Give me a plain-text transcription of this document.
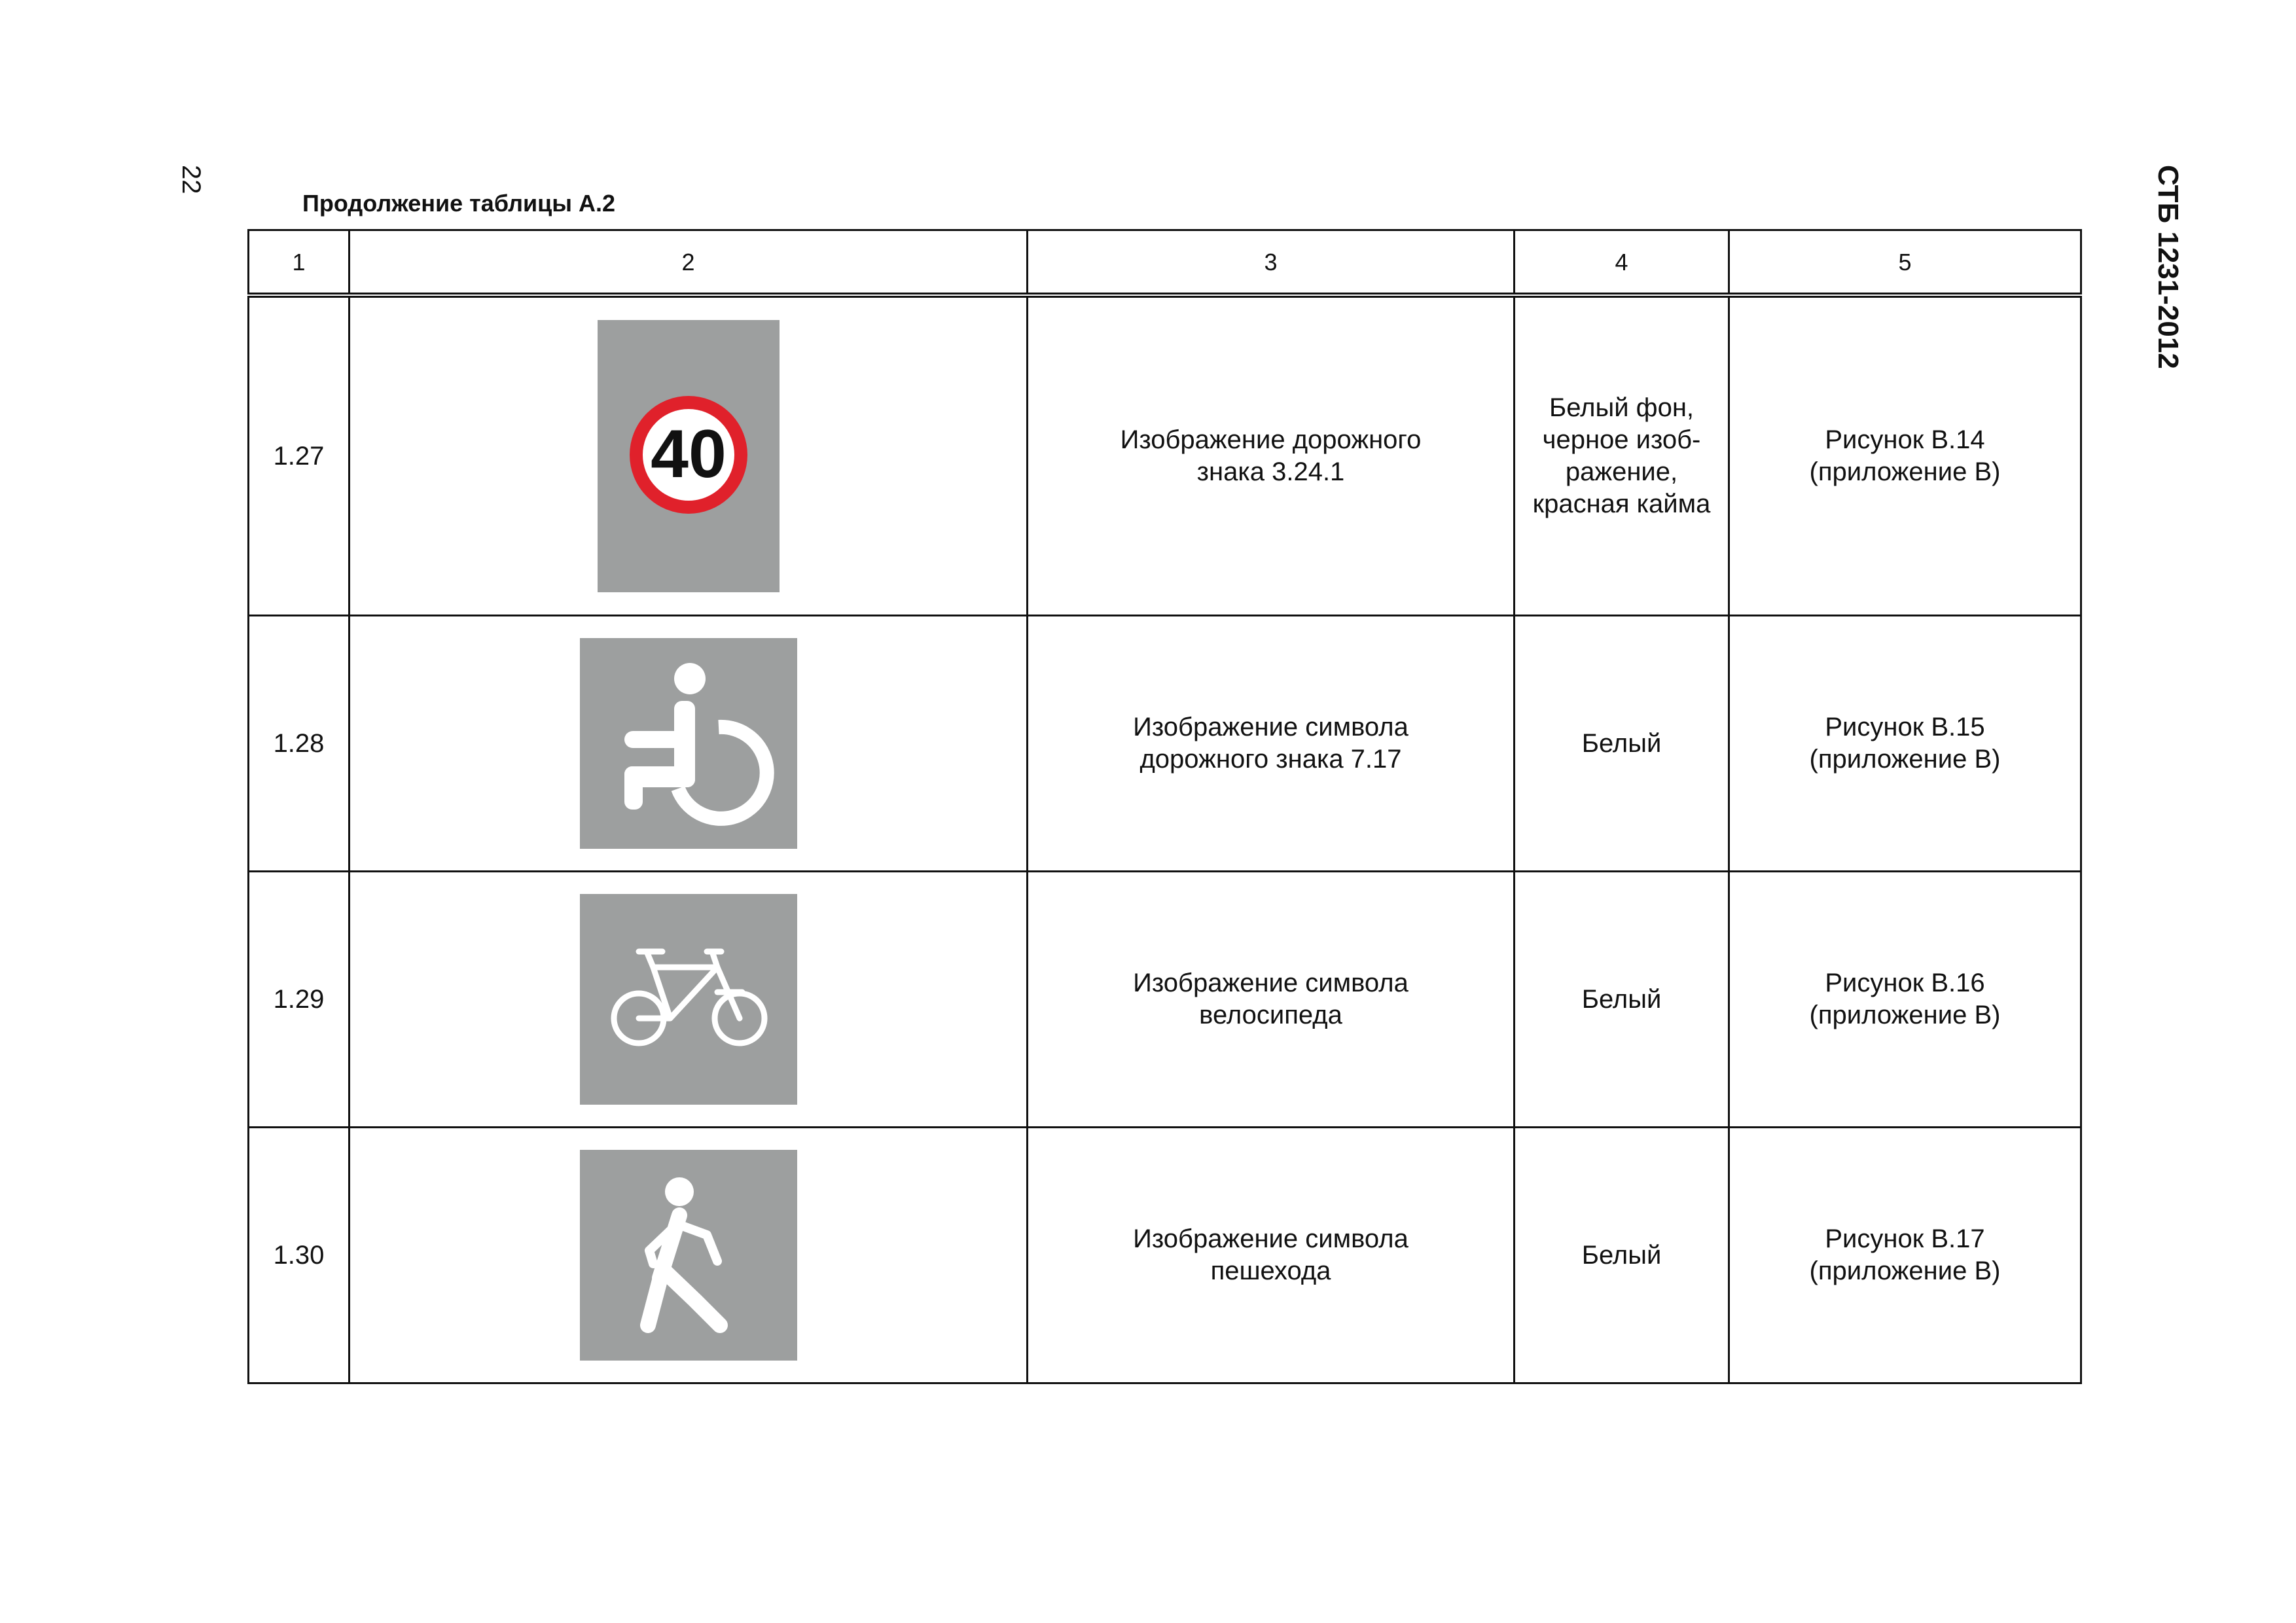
22	СТБ 1231-2012
Продолжение таблицы А.2
1	2	3	4	5
1.27	40	Изображение дорожного
знака 3.24.1	Белый фон,
черное изоб-
ражение,
красная кайма	Рисунок В.14
(приложение В)
1.28		Изображение символа
дорожного знака 7.17	Белый	Рисунок В.15
(приложение В)
1.29		Изображение символа
велосипеда	Белый	Рисунок В.16
(приложение В)
1.30		Изображение символа
пешехода	Белый	Рисунок В.17
(приложение В)
